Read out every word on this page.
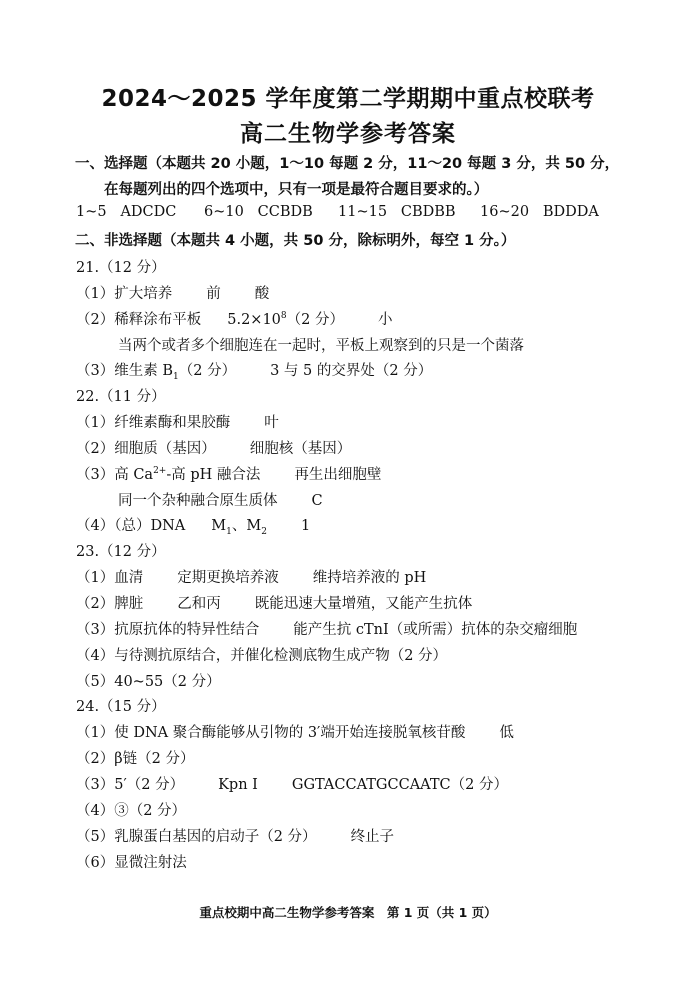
2024～2025 学年度第二学期期中重点校联考
高二生物学参考答案
一、选择题（本题共 20 小题，1～10 每题 2 分，11～20 每题 3 分，共 50 分，
在每题列出的四个选项中，只有一项是最符合题目要求的。）
1~5 ADCDC 6~10 CCBDB 11~15 CBDBB 16~20 BDDDA
二、非选择题（本题共 4 小题，共 50 分，除标明外，每空 1 分。）
21.（12 分）
（1）扩大培养 前 酸
（2）稀释涂布平板 $5.2\times 10^8(2$ 分） 小
当两个或者多个细胞连在一起时，平板上观察到的只是一个菌落
（3）维生素 $B_1(2$ 分） 3 与 5 的交界处（2 分）
22.（11 分）
（1）纤维素酶和果胶酶 叶
（2）细胞质（基因） 细胞核（基因）
（3）高 $Ca^{2+}-$高 pH 融合法 再生出细胞壁
同一个杂种融合原生质体 C
（4）（总）DNA $M_1$、$M_2$ 1
23.（12 分）
（1）血清 定期更换培养液 维持培养液的 pH
（2）脾脏 乙和丙 既能迅速大量增殖，又能产生抗体
（3）抗原抗体的特异性结合 能产生抗 cTnI（或所需）抗体的杂交瘤细胞
（4）与待测抗原结合，并催化检测底物生成产物（2 分）
（5）40~55（2 分）
24.（15 分）
（1）使 DNA 聚合酶能够从引物的 3′端开始连接脱氧核苷酸 低
（2）β链（2 分）
（3）5′（2 分） Kpn I GGTACCATGCCAATC（2 分）
（4）③（2 分）
（5）乳腺蛋白基因的启动子（2 分） 终止子
（6）显微注射法
重点校期中高二生物学参考答案　第 1 页（共 1 页）
